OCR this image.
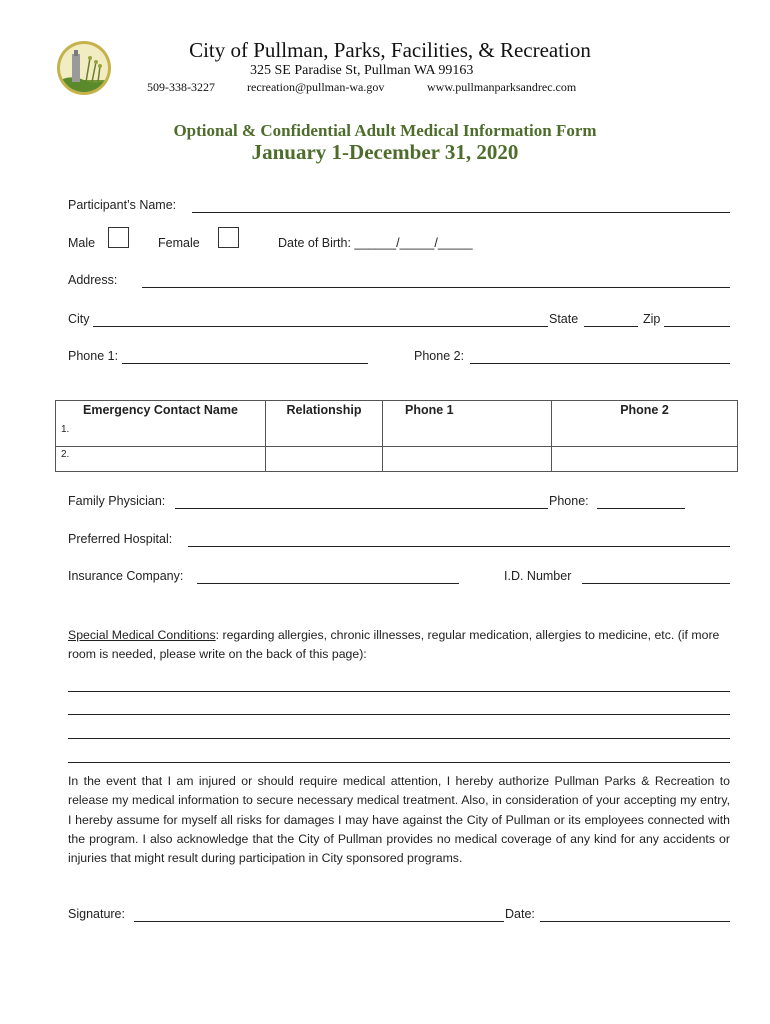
City of Pullman, Parks, Facilities, & Recreation
325 SE Paradise St, Pullman WA 99163
509-338-3227	recreation@pullman-wa.gov	www.pullmanparksandrec.com
Optional & Confidential Adult Medical Information Form
January 1-December 31, 2020
Participant’s Name:
Male	Female	Date of Birth: ______/_____/_____
Address:
City	State	Zip
Phone 1:	Phone 2:
Emergency Contact Name	Relationship	Phone 1	Phone 2
1.			
2.			
Family Physician:	Phone:
Preferred Hospital:
Insurance Company:	I.D. Number
Special Medical Conditions: regarding allergies, chronic illnesses, regular medication, allergies to medicine, etc. (if more room is needed, please write on the back of this page):
In the event that I am injured or should require medical attention, I hereby authorize Pullman Parks & Recreation to release my medical information to secure necessary medical treatment. Also, in consideration of your accepting my entry, I hereby assume for myself all risks for damages I may have against the City of Pullman or its employees connected with the program. I also acknowledge that the City of Pullman provides no medical coverage of any kind for any accidents or injuries that might result during participation in City sponsored programs.
Signature:	Date:
